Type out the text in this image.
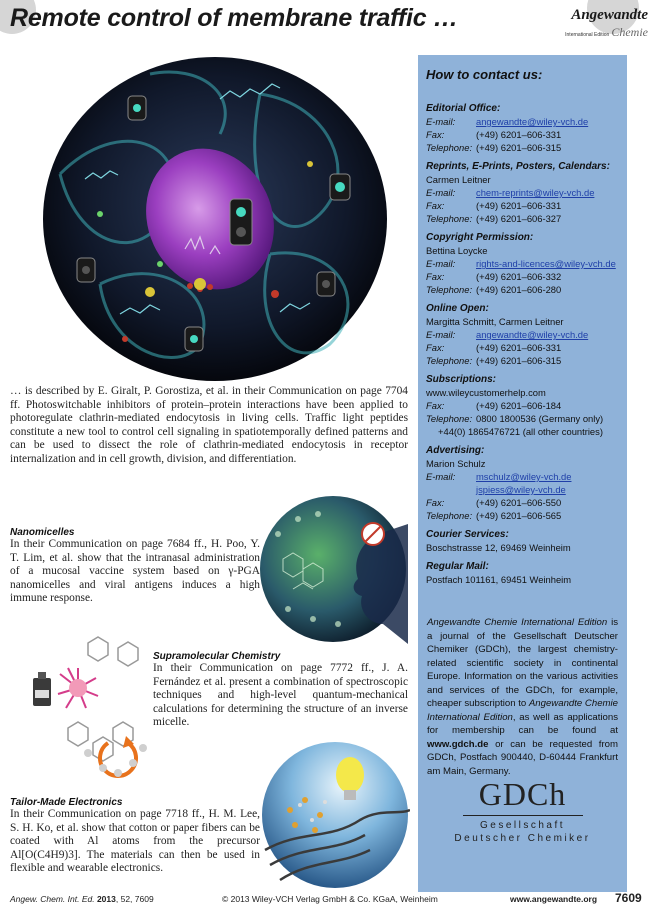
Remote control of membrane traffic …	Angewandte
International Edition Chemie
… is described by E. Giralt, P. Gorostiza, et al. in their Communication on page 7704 ff. Photoswitchable inhibitors of protein–protein interactions have been applied to photoregulate clathrin-mediated endocytosis in living cells. Traffic light peptides constitute a new tool to control cell signaling in spatiotemporally defined patterns and can be used to dissect the role of clathrin-mediated endocytosis in receptor internalization and in cell growth, division, and differentiation.
Nanomicelles
In their Communication on page 7684 ff., H. Poo, Y. T. Lim, et al. show that the intranasal administration of a mucosal vaccine system based on γ-PGA nanomicelles and viral antigens induces a high immune response.
Supramolecular Chemistry
In their Communication on page 7772 ff., J. A. Fernández et al. present a combination of spectroscopic techniques and high-level quantum-mechanical calculations for determining the structure of an inverse micelle.
Tailor-Made Electronics
In their Communication on page 7718 ff., H. M. Lee, S. H. Ko, et al. show that cotton or paper fibers can be coated with Al atoms from the precursor Al[O(C4H9)3]. The materials can then be used in flexible and wearable electronics.
How to contact us:
Editorial Office:
E-mail:	angewandte@wiley-vch.de
Fax:	(+49) 6201–606-331
Telephone: (+49) 6201–606-315
Reprints, E-Prints, Posters, Calendars:
Carmen Leitner
E-mail:	chem-reprints@wiley-vch.de
Fax:	(+49) 6201–606-331
Telephone: (+49) 6201–606-327
Copyright Permission:
Bettina Loycke
E-mail:	rights-and-licences@wiley-vch.de
Fax:	(+49) 6201–606-332
Telephone: (+49) 6201–606-280
Online Open:
Margitta Schmitt, Carmen Leitner
E-mail:	angewandte@wiley-vch.de
Fax:	(+49) 6201–606-331
Telephone: (+49) 6201–606-315
Subscriptions:
www.wileycustomerhelp.com
Fax:	(+49) 6201–606-184
Telephone: 0800 1800536 (Germany only)
+44(0) 1865476721 (all other countries)
Advertising:
Marion Schulz
E-mail:	mschulz@wiley-vch.de
jspiess@wiley-vch.de
Fax:	(+49) 6201–606-550
Telephone: (+49) 6201–606-565
Courier Services:
Boschstrasse 12, 69469 Weinheim
Regular Mail:
Postfach 101161, 69451 Weinheim
Angewandte Chemie International Edition is a journal of the Gesellschaft Deutscher Chemiker (GDCh), the largest chemistry-related scientific society in continental Europe. Information on the various activities and services of the GDCh, for example, cheaper subscription to Angewandte Chemie International Edition, as well as applications for membership can be found at www.gdch.de or can be requested from GDCh, Postfach 900440, D-60444 Frankfurt am Main, Germany.
GDCh
Gesellschaft
Deutscher Chemiker
Angew. Chem. Int. Ed. 2013, 52, 7609	© 2013 Wiley-VCH Verlag GmbH & Co. KGaA, Weinheim	www.angewandte.org 7609
